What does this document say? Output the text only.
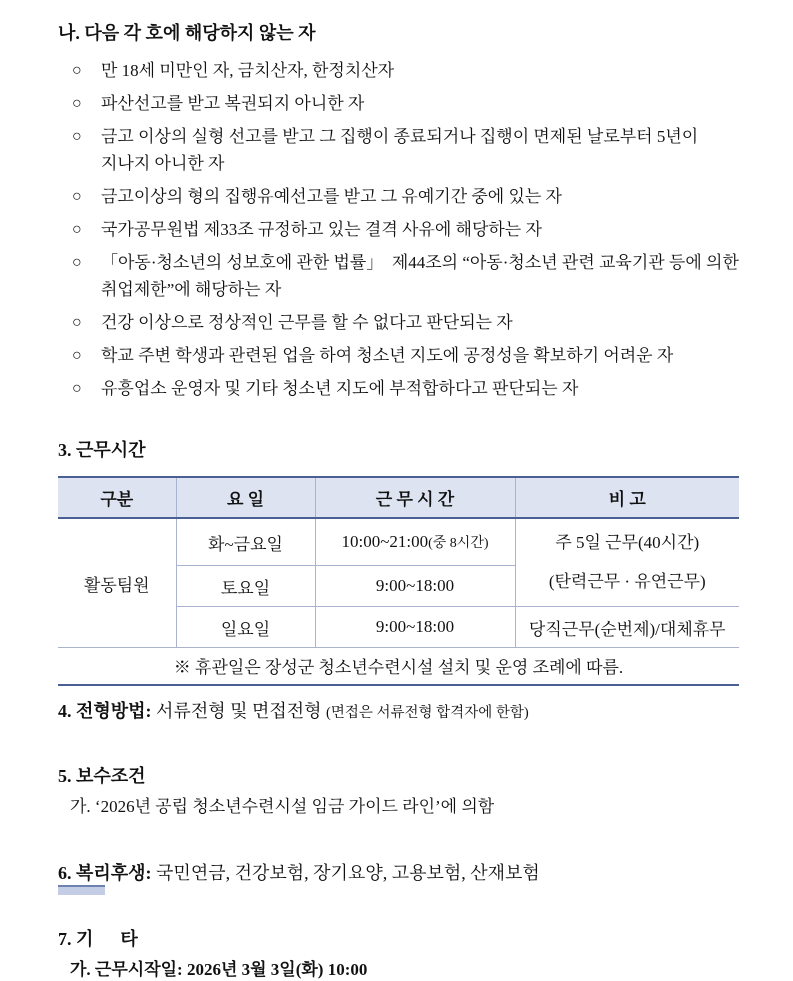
나. 다음 각 호에 해당하지 않는 자
○ 만 18세 미만인 자, 금치산자, 한정치산자
○ 파산선고를 받고 복권되지 아니한 자
○ 금고 이상의 실형 선고를 받고 그 집행이 종료되거나 집행이 면제된 날로부터 5년이 지나지 아니한 자
○ 금고이상의 형의 집행유예선고를 받고 그 유예기간 중에 있는 자
○ 국가공무원법 제33조 규정하고 있는 결격 사유에 해당하는 자
○ 「아동·청소년의 성보호에 관한 법률」  제44조의 “아동·청소년 관련 교육기관 등에 의한 취업제한”에 해당하는 자
○ 건강 이상으로 정상적인 근무를 할 수 없다고 판단되는 자
○ 학교 주변 학생과 관련된 업을 하여 청소년 지도에 공정성을 확보하기 어려운 자
○ 유흥업소 운영자 및 기타 청소년 지도에 부적합하다고 판단되는 자
3. 근무시간
구분	요 일	근 무 시 간	비 고
활동팀원	화~금요일	10:00~21:00(중 8시간)	주 5일 근무(40시간)
(탄력근무 · 유연근무)

	토요일	9:00~18:00	
	일요일	9:00~18:00	당직근무(순번제)/대체휴무
※ 휴관일은 장성군 청소년수련시설 설치 및 운영 조례에 따름.			
4. 전형방법: 서류전형 및 면접전형 (면접은 서류전형 합격자에 한함)
5. 보수조건
가. ‘2026년 공립 청소년수련시설 임금 가이드 라인’에 의함
6. 복리후생: 국민연금, 건강보험, 장기요양, 고용보험, 산재보험
7. 기      타
가. 근무시작일: 2026년 3월 3일(화) 10:00
